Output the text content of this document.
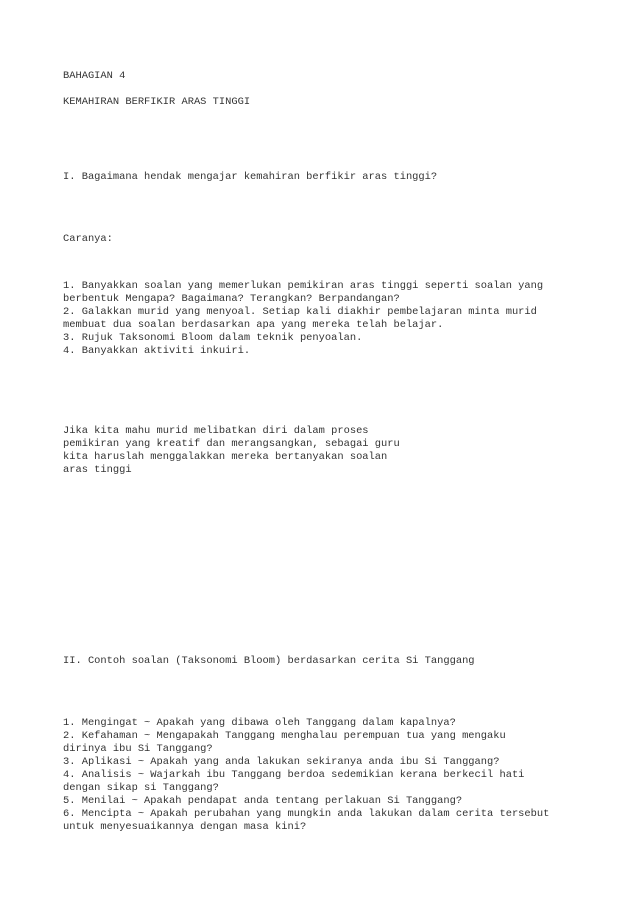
BAHAGIAN 4
KEMAHIRAN BERFIKIR ARAS TINGGI
I. Bagaimana hendak mengajar kemahiran berfikir aras tinggi?
Caranya:
1. Banyakkan soalan yang memerlukan pemikiran aras tinggi seperti soalan yang
berbentuk Mengapa? Bagaimana? Terangkan? Berpandangan?
2. Galakkan murid yang menyoal. Setiap kali diakhir pembelajaran minta murid
membuat dua soalan berdasarkan apa yang mereka telah belajar.
3. Rujuk Taksonomi Bloom dalam teknik penyoalan.
4. Banyakkan aktiviti inkuiri.
Jika kita mahu murid melibatkan diri dalam proses
pemikiran yang kreatif dan merangsangkan, sebagai guru
kita haruslah menggalakkan mereka bertanyakan soalan
aras tinggi
II. Contoh soalan (Taksonomi Bloom) berdasarkan cerita Si Tanggang
1. Mengingat ~ Apakah yang dibawa oleh Tanggang dalam kapalnya?
2. Kefahaman ~ Mengapakah Tanggang menghalau perempuan tua yang mengaku
dirinya ibu Si Tanggang?
3. Aplikasi ~ Apakah yang anda lakukan sekiranya anda ibu Si Tanggang?
4. Analisis ~ Wajarkah ibu Tanggang berdoa sedemikian kerana berkecil hati
dengan sikap si Tanggang?
5. Menilai ~ Apakah pendapat anda tentang perlakuan Si Tanggang?
6. Mencipta ~ Apakah perubahan yang mungkin anda lakukan dalam cerita tersebut
untuk menyesuaikannya dengan masa kini?
